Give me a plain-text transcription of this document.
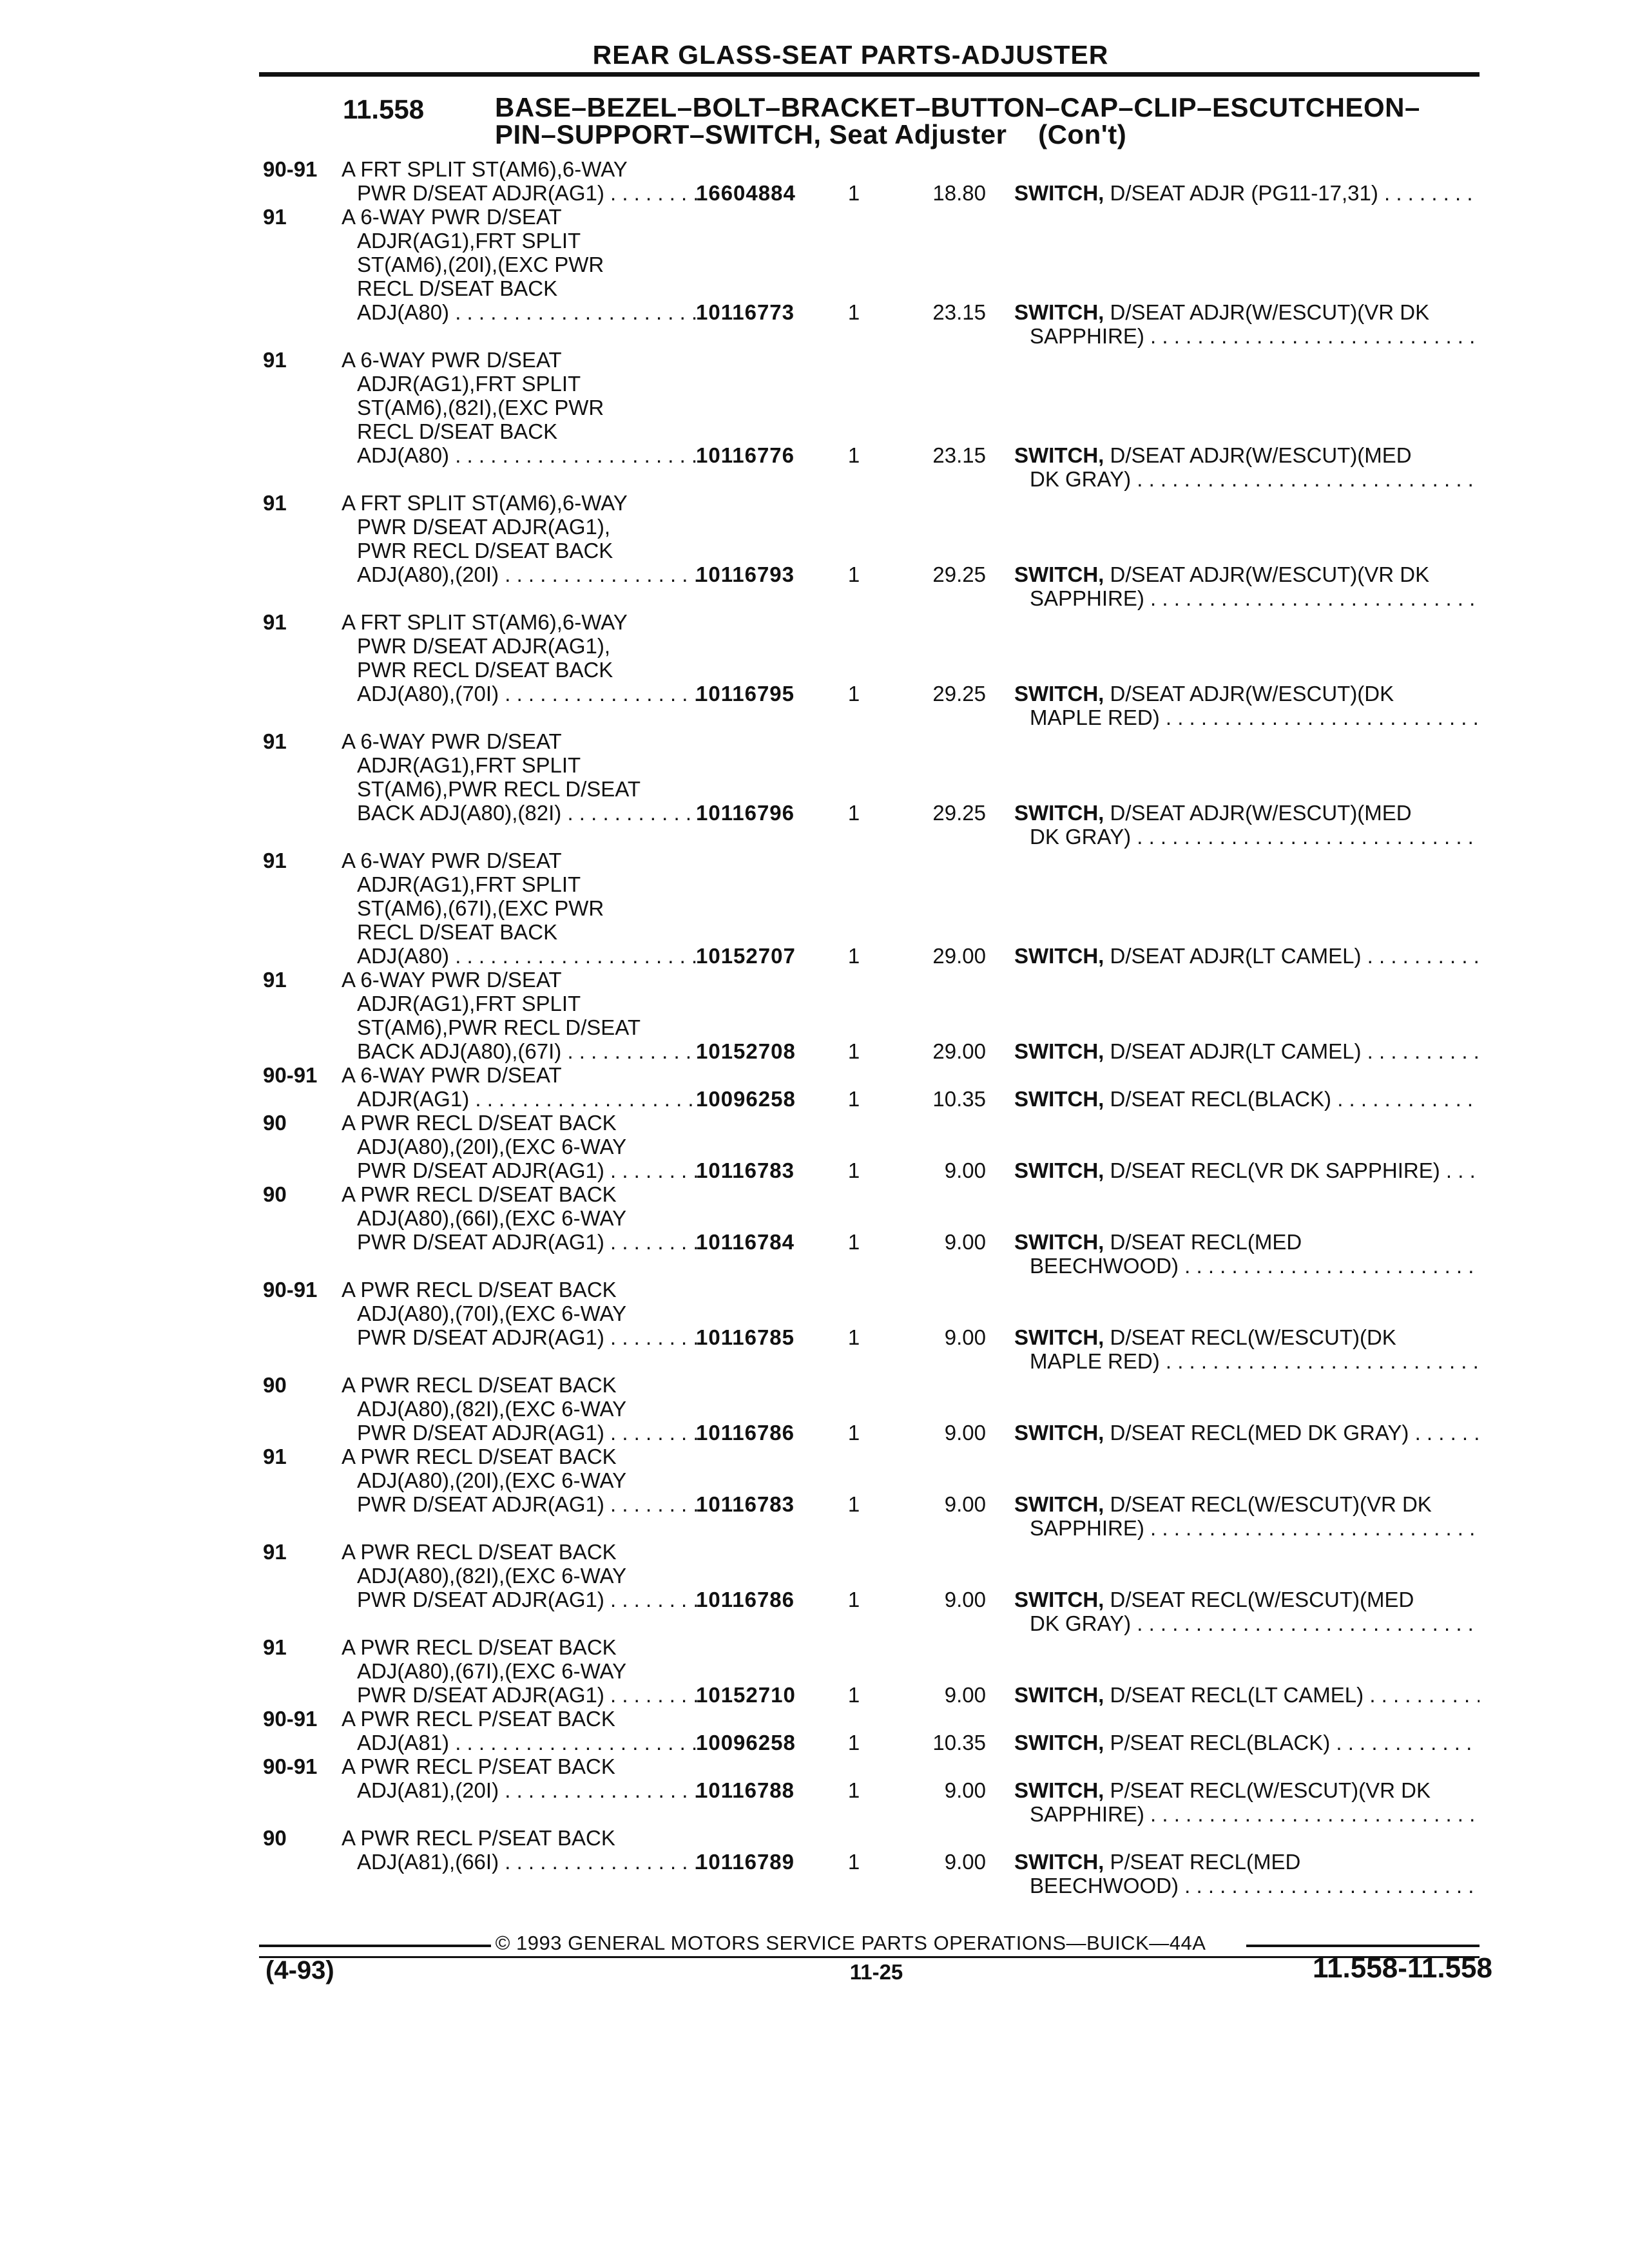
REAR GLASS-SEAT PARTS-ADJUSTER
11.558	BASE–BEZEL–BOLT–BRACKET–BUTTON–CAP–CLIP–ESCUTCHEON–
PIN–SUPPORT–SWITCH, Seat Adjuster    (Con't)
90-91 A FRT SPLIT ST(AM6),6-WAY
PWR D/SEAT ADJR(AG1) . . .	16604884 1	18.80 SWITCH, D/SEAT ADJR (PG11-17,31) . . .
91	A 6-WAY PWR D/SEAT
ADJR(AG1),FRT SPLIT
ST(AM6),(20I),(EXC PWR
RECL D/SEAT BACK
ADJ(A80) . . .	10116773	1	23.15 SWITCH, D/SEAT ADJR(W/ESCUT)(VR DK
SAPPHIRE) . . .
91	A 6-WAY PWR D/SEAT
ADJR(AG1),FRT SPLIT
ST(AM6),(82I),(EXC PWR
RECL D/SEAT BACK
ADJ(A80) . . .	10116776	1	23.15 SWITCH, D/SEAT ADJR(W/ESCUT)(MED
DK GRAY) . . .
91	A FRT SPLIT ST(AM6),6-WAY
PWR D/SEAT ADJR(AG1),
PWR RECL D/SEAT BACK
ADJ(A80),(20I) . . .	10116793	1	29.25 SWITCH, D/SEAT ADJR(W/ESCUT)(VR DK
SAPPHIRE) . . .
91	A FRT SPLIT ST(AM6),6-WAY
PWR D/SEAT ADJR(AG1),
PWR RECL D/SEAT BACK
ADJ(A80),(70I) . . .	10116795	1	29.25 SWITCH, D/SEAT ADJR(W/ESCUT)(DK
MAPLE RED) . . .
91	A 6-WAY PWR D/SEAT
ADJR(AG1),FRT SPLIT
ST(AM6),PWR RECL D/SEAT
BACK ADJ(A80),(82I) . . .	10116796	1	29.25 SWITCH, D/SEAT ADJR(W/ESCUT)(MED
DK GRAY) . . .
91	A 6-WAY PWR D/SEAT
ADJR(AG1),FRT SPLIT
ST(AM6),(67I),(EXC PWR
RECL D/SEAT BACK
ADJ(A80) . . .	10152707 1	29.00 SWITCH, D/SEAT ADJR(LT CAMEL) . . .
91	A 6-WAY PWR D/SEAT
ADJR(AG1),FRT SPLIT
ST(AM6),PWR RECL D/SEAT
BACK ADJ(A80),(67I) . . .	10152708 1	29.00 SWITCH, D/SEAT ADJR(LT CAMEL) . . .
90-91 A 6-WAY PWR D/SEAT
ADJR(AG1) . . .	10096258 1	10.35 SWITCH, D/SEAT RECL(BLACK) . . .
90	A PWR RECL D/SEAT BACK
ADJ(A80),(20I),(EXC 6-WAY
PWR D/SEAT ADJR(AG1) . . .	10116783	1	9.00 SWITCH, D/SEAT RECL(VR DK SAPPHIRE) . . .
90	A PWR RECL D/SEAT BACK
ADJ(A80),(66I),(EXC 6-WAY
PWR D/SEAT ADJR(AG1) . . .	10116784	1	9.00 SWITCH, D/SEAT RECL(MED
BEECHWOOD) . . .
90-91 A PWR RECL D/SEAT BACK
ADJ(A80),(70I),(EXC 6-WAY
PWR D/SEAT ADJR(AG1) . . .	10116785	1	9.00 SWITCH, D/SEAT RECL(W/ESCUT)(DK
MAPLE RED) . . .
90	A PWR RECL D/SEAT BACK
ADJ(A80),(82I),(EXC 6-WAY
PWR D/SEAT ADJR(AG1) . . .	10116786	1	9.00 SWITCH, D/SEAT RECL(MED DK GRAY) . . .
91	A PWR RECL D/SEAT BACK
ADJ(A80),(20I),(EXC 6-WAY
PWR D/SEAT ADJR(AG1) . . .	10116783	1	9.00 SWITCH, D/SEAT RECL(W/ESCUT)(VR DK
SAPPHIRE) . . .
91	A PWR RECL D/SEAT BACK
ADJ(A80),(82I),(EXC 6-WAY
PWR D/SEAT ADJR(AG1) . . .	10116786	1	9.00 SWITCH, D/SEAT RECL(W/ESCUT)(MED
DK GRAY) . . .
91	A PWR RECL D/SEAT BACK
ADJ(A80),(67I),(EXC 6-WAY
PWR D/SEAT ADJR(AG1) . . .	10152710 1	9.00 SWITCH, D/SEAT RECL(LT CAMEL) . . .
90-91 A PWR RECL P/SEAT BACK
ADJ(A81) . . .	10096258 1	10.35 SWITCH, P/SEAT RECL(BLACK) . . .
90-91 A PWR RECL P/SEAT BACK
ADJ(A81),(20I) . . .	10116788	1	9.00 SWITCH, P/SEAT RECL(W/ESCUT)(VR DK
SAPPHIRE) . . .
90	A PWR RECL P/SEAT BACK
ADJ(A81),(66I) . . .	10116789	1	9.00 SWITCH, P/SEAT RECL(MED
BEECHWOOD) . . .
© 1993 GENERAL MOTORS SERVICE PARTS OPERATIONS—BUICK—44A
(4-93)	11-25	11.558-11.558
